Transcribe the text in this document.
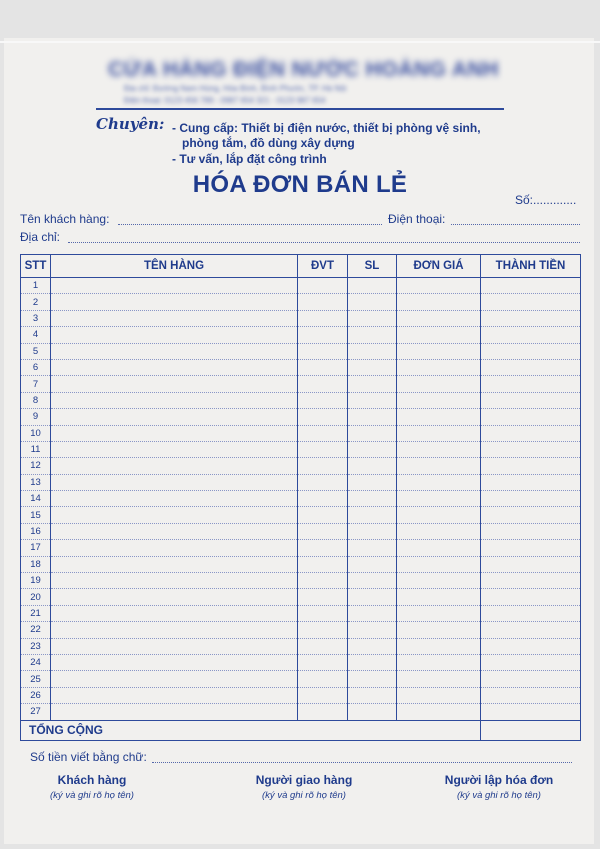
CỬA HÀNG ĐIỆN NƯỚC HOÀNG ANH
Địa chỉ: Đường Nam Hùng, Hòa Bình, Bình Phước, TP. Hà Nội
Điện thoại: 0123 456 789 - 0987 654 321 - 0123 987 654
Chuyên: - Cung cấp: Thiết bị điện nước, thiết bị phòng vệ sinh,
phòng tắm, đồ dùng xây dựng
- Tư vấn, lắp đặt công trình
HÓA ĐƠN BÁN LẺ
Số:.............
Tên khách hàng:	Điện thoại:
Địa chỉ:
STT	TÊN HÀNG	ĐVT	SL	ĐƠN GIÁ	THÀNH TIỀN
1					
2					
3					
4					
5					
6					
7					
8					
9					
10					
11					
12					
13					
14					
15					
16					
17					
18					
19					
20					
21					
22					
23					
24					
25					
26					
27					
TỔNG CỘNG					
Số tiền viết bằng chữ:
Khách hàng
(ký và ghi rõ họ tên)
Người giao hàng
(ký và ghi rõ họ tên)
Người lập hóa đơn
(ký và ghi rõ họ tên)
